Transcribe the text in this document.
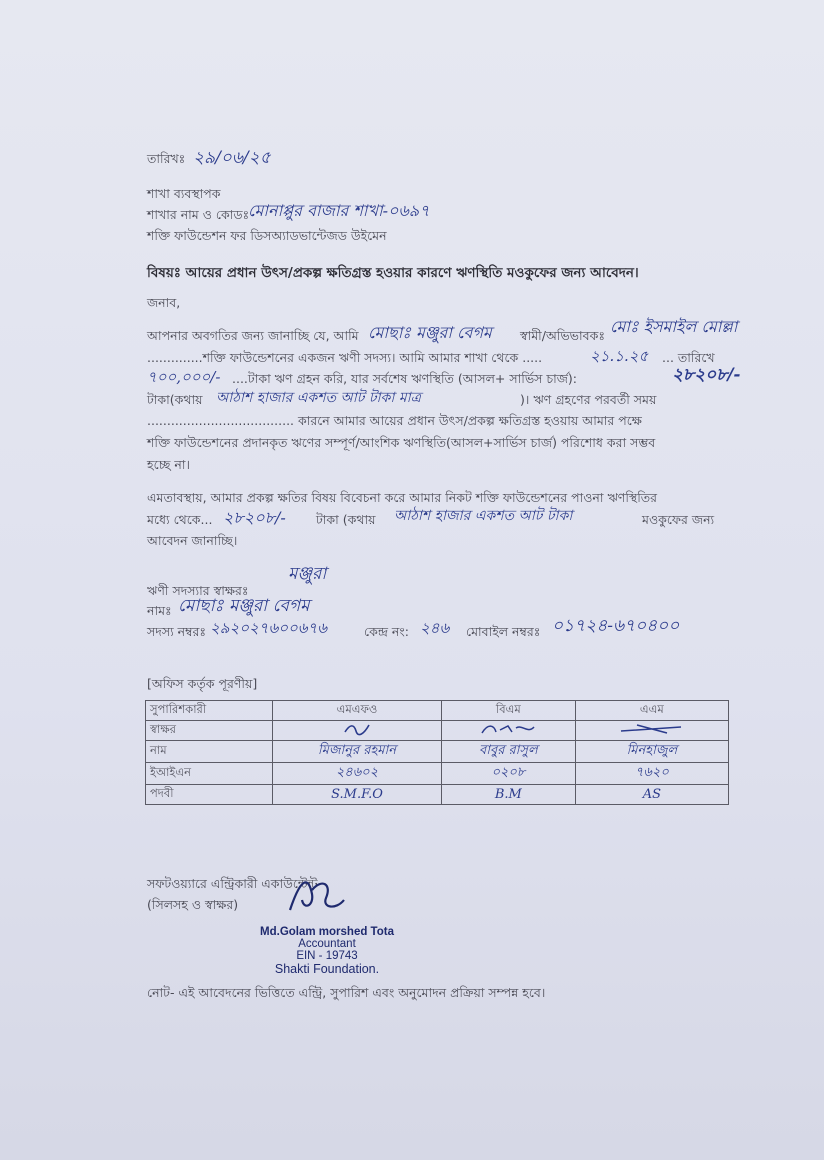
তারিখঃ ২৯/০৬/২৫
শাখা ব্যবস্থাপক
শাখার নাম ও কোডঃ
মোনাপ্পুর বাজার শাখা-০৬৯৭
শক্তি ফাউন্ডেশন ফর ডিসঅ্যাডভান্টেজড উইমেন
বিষয়ঃ আয়ের প্রধান উৎস/প্রকল্প ক্ষতিগ্রস্ত হওয়ার কারণে ঋণস্থিতি মওকুফের জন্য আবেদন।
জনাব,
আপনার অবগতির জন্য জানাচ্ছি যে, আমি মোছাঃ মঞ্জুরা বেগম স্বামী/অভিভাবকঃ মোঃ ইসমাইল মোল্লা
..............শক্তি ফাউন্ডেশনের একজন ঋণী সদস্য। আমি আমার শাখা থেকে .....	২১.১.২৫ ... তারিখে
৭০০,০০০/- ....টাকা ঋণ গ্রহন করি, যার সর্বশেষ ঋণস্থিতি (আসল+ সার্ভিস চার্জ):	২৮২০৮/-
টাকা(কথায় আঠাশ হাজার একশত আট টাকা মাত্র	)। ঋণ গ্রহণের পরবর্তী সময়
..................................... কারনে আমার আয়ের প্রধান উৎস/প্রকল্প ক্ষতিগ্রস্ত হওয়ায় আমার পক্ষে
শক্তি ফাউন্ডেশনের প্রদানকৃত ঋণের সম্পূর্ণ/আংশিক ঋণস্থিতি(আসল+সার্ভিস চার্জ) পরিশোধ করা সম্ভব
হচ্ছে না।
এমতাবস্থায়, আমার প্রকল্প ক্ষতির বিষয় বিবেচনা করে আমার নিকট শক্তি ফাউন্ডেশনের পাওনা ঋণস্থিতির
মধ্যে থেকে... ২৮২০৮/- টাকা (কথায় আঠাশ হাজার একশত আট টাকা	মওকুফের জন্য
আবেদন জানাচ্ছি।
মঞ্জুরা
ঋণী সদস্যার স্বাক্ষরঃ
নামঃ মোছাঃ মঞ্জুরা বেগম
সদস্য নম্বরঃ ২৯২০২৭৬০০৬৭৬	কেন্দ্র নং: ২৪৬ মোবাইল নম্বরঃ ০১৭২৪-৬৭০৪০০
[অফিস কর্তৃক পূরণীয়]
সুপারিশকারী	এমএফও	বিএম	এএম
স্বাক্ষর			
নাম	মিজানুর রহমান	বাবুর রাসুল	মিনহাজুল
ইআইএন	২৪৬০২	০২০৮	৭৬২০
পদবী	S.M.F.O	B.M	AS
সফটওয়্যারে এন্ট্রিকারী একাউন্টেন্ট
(সিলসহ ও স্বাক্ষর)
Md.Golam morshed Tota
Accountant
EIN - 19743
Shakti Foundation.
নোট- এই আবেদনের ভিত্তিতে এন্ট্রি, সুপারিশ এবং অনুমোদন প্রক্রিয়া সম্পন্ন হবে।
